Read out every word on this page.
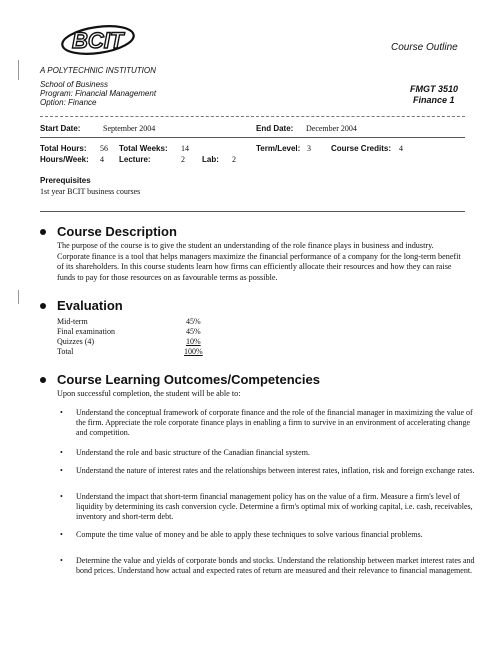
BCIT
A POLYTECHNIC INSTITUTION
Course Outline
School of Business
Program: Financial Management
Option: Finance
FMGT 3510
Finance 1
Start Date:	September 2004	End Date: December 2004
Total Hours: 56 Total Weeks: 14	Term/Level: 3	Course Credits: 4
Hours/Week: 4 Lecture:	2 Lab: 2
Prerequisites
1st year BCIT business courses
Course Description
The purpose of the course is to give the student an understanding of the role finance plays in business and industry. Corporate finance is a tool that helps managers maximize the financial performance of a company for the long-term benefit of its shareholders. In this course students learn how firms can efficiently allocate their resources and how they can raise funds to pay for those resources on as favourable terms as possible.
Evaluation
Mid-term	45%
Final examination	45%
Quizzes (4)	10%
Total	100%
Course Learning Outcomes/Competencies
Upon successful completion, the student will be able to:
• Understand the conceptual framework of corporate finance and the role of the financial manager in maximizing the value of the firm. Appreciate the role corporate finance plays in enabling a firm to survive in an environment of accelerating change and competition.
• Understand the role and basic structure of the Canadian financial system.
• Understand the nature of interest rates and the relationships between interest rates, inflation, risk and foreign exchange rates.
• Understand the impact that short-term financial management policy has on the value of a firm. Measure a firm's level of liquidity by determining its cash conversion cycle. Determine a firm's optimal mix of working capital, i.e. cash, receivables, inventory and short-term debt.
• Compute the time value of money and be able to apply these techniques to solve various financial problems.
• Determine the value and yields of corporate bonds and stocks. Understand the relationship between market interest rates and bond prices. Understand how actual and expected rates of return are measured and their relevance to financial management.
